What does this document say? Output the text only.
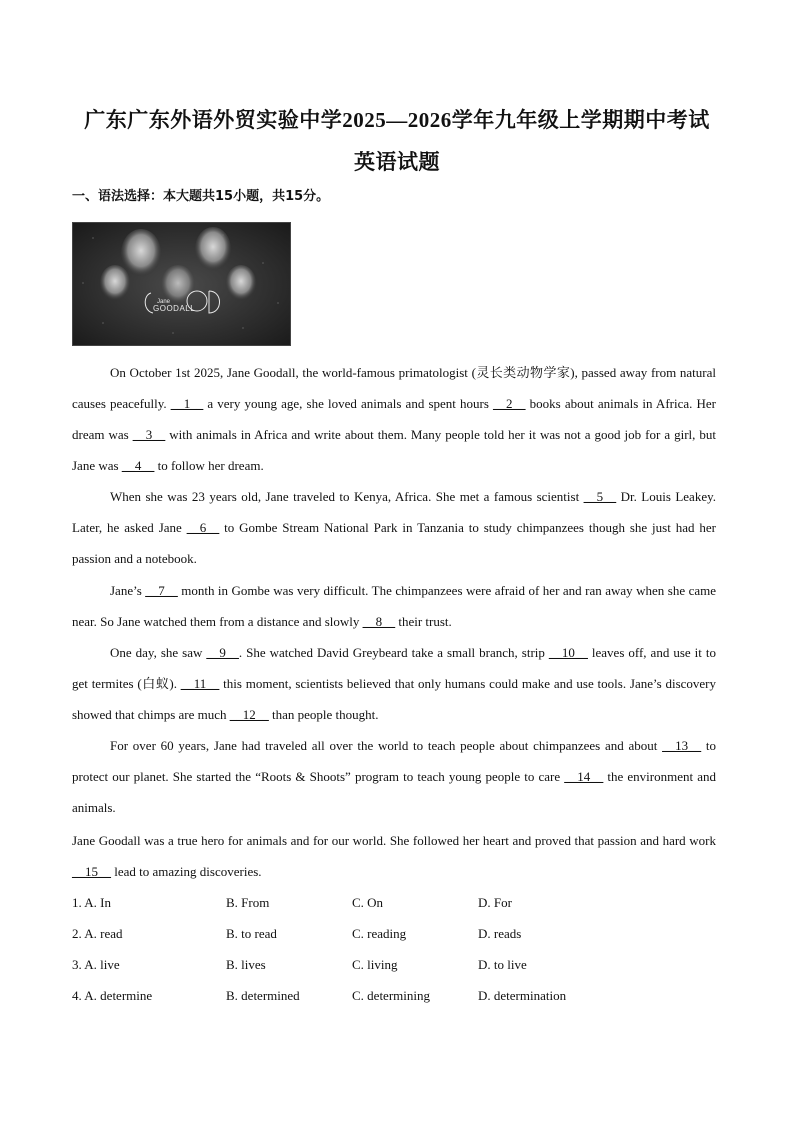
广东广东外语外贸实验中学2025—2026学年九年级上学期期中考试
英语试题
一、语法选择：本大题共15小题，共15分。
Jane
GOODALL
On October 1st 2025, Jane Goodall, the world-famous primatologist (灵长类动物学家), passed away from natural causes peacefully. __1__ a very young age, she loved animals and spent hours __2__ books about animals in Africa. Her dream was __3__ with animals in Africa and write about them. Many people told her it was not a good job for a girl, but Jane was __4__ to follow her dream.
When she was 23 years old, Jane traveled to Kenya, Africa. She met a famous scientist __5__ Dr. Louis Leakey. Later, he asked Jane __6__ to Gombe Stream National Park in Tanzania to study chimpanzees though she just had her passion and a notebook.
Jane’s __7__ month in Gombe was very difficult. The chimpanzees were afraid of her and ran away when she came near. So Jane watched them from a distance and slowly __8__ their trust.
One day, she saw __9__. She watched David Greybeard take a small branch, strip __10__ leaves off, and use it to get termites (白蚁). __11__ this moment, scientists believed that only humans could make and use tools. Jane’s discovery showed that chimps are much __12__ than people thought.
For over 60 years, Jane had traveled all over the world to teach people about chimpanzees and about __13__ to protect our planet. She started the “Roots & Shoots” program to teach young people to care __14__ the environment and animals.
Jane Goodall was a true hero for animals and for our world. She followed her heart and proved that passion and hard work __15__ lead to amazing discoveries.
1. A. In	B. From	C. On	D. For
2. A. read	B. to read	C. reading	D. reads
3. A. live	B. lives	C. living	D. to live
4. A. determine	B. determined	C. determining	D. determination
